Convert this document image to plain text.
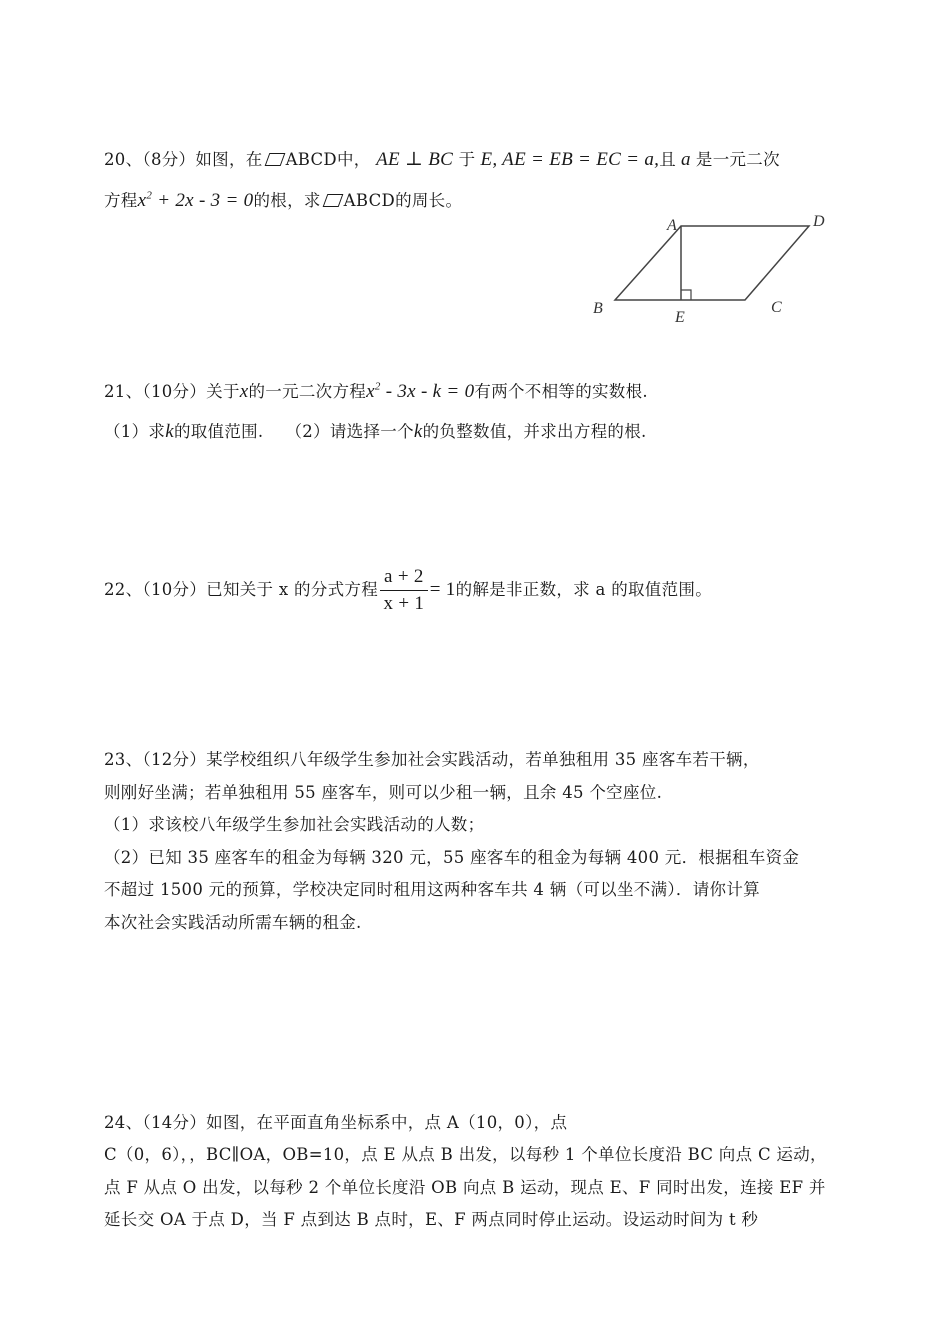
20、（8分）如图，在 ABCD中， AE ⊥ BC 于 E, AE = EB = EC = a,且 a 是一元二次
方程$x^2 + 2x - 3 = 0$的根，求 ABCD的周长。
A	D
B
E
C
21、（10分）关于x的一元二次方程$x^2 - 3x - k = 0$有两个不相等的实数根.
（1）求k的取值范围. （2）请选择一个k的负整数值，并求出方程的根.
22、（10分）已知关于 x 的分式方程 $\frac{a + 2}{x + 1} = 1$的解是非正数，求 a 的取值范围。
23、（12分）某学校组织八年级学生参加社会实践活动，若单独租用 35 座客车若干辆，
则刚好坐满；若单独租用 55 座客车，则可以少租一辆，且余 45 个空座位.
（1）求该校八年级学生参加社会实践活动的人数；
（2）已知 35 座客车的租金为每辆 320 元，55 座客车的租金为每辆 400 元．根据租车资金
不超过 1500 元的预算，学校决定同时租用这两种客车共 4 辆（可以坐不满）．请你计算
本次社会实践活动所需车辆的租金.
24、（14分）如图，在平面直角坐标系中，点 A（10，0），点
C（0，6），，BC∥OA，OB=10，点 E 从点 B 出发，以每秒 1 个单位长度沿 BC 向点 C 运动，
点 F 从点 O 出发，以每秒 2 个单位长度沿 OB 向点 B 运动，现点 E、F 同时出发，连接 EF 并
延长交 OA 于点 D，当 F 点到达 B 点时，E、F 两点同时停止运动。设运动时间为 t 秒
